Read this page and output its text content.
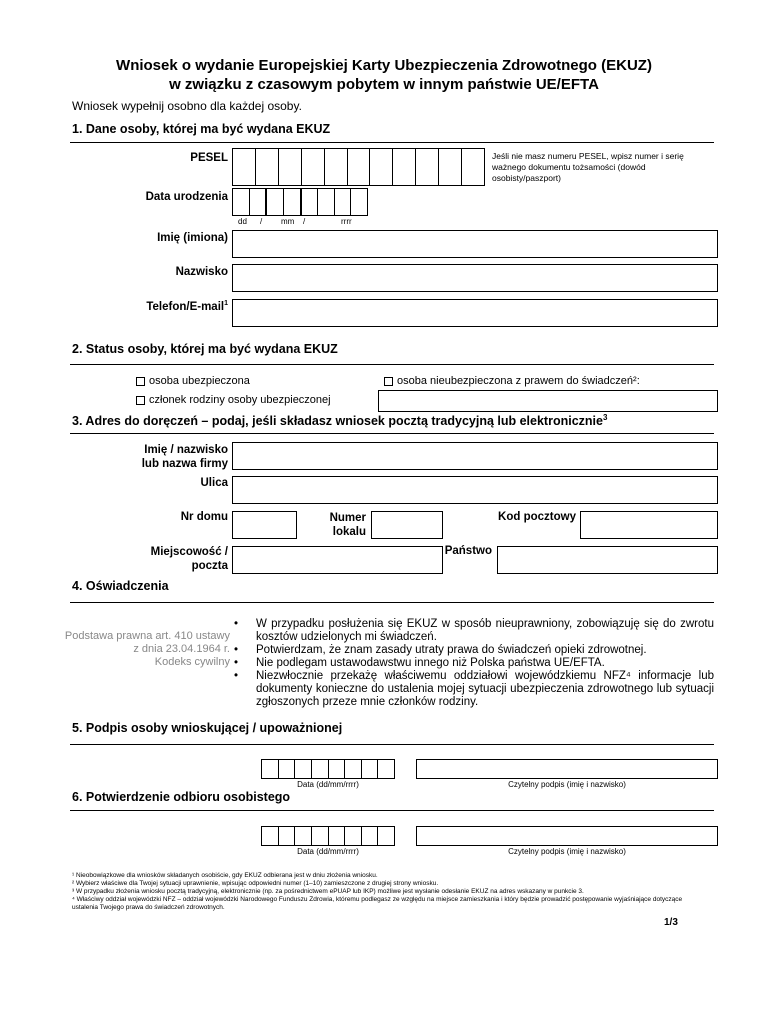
Wniosek o wydanie Europejskiej Karty Ubezpieczenia Zdrowotnego (EKUZ)
w związku z czasowym pobytem w innym państwie UE/EFTA
Wniosek wypełnij osobno dla każdej osoby.
1. Dane osoby, której ma być wydana EKUZ
PESEL	Jeśli nie masz numeru PESEL, wpisz numer i serię ważnego dokumentu tożsamości (dowód osobisty/paszport)
Data urodzenia
dd / mm /	rrrr
Imię (imiona)
Nazwisko
Telefon/E-mail$^1$
2. Status osoby, której ma być wydana EKUZ
osoba ubezpieczona	osoba nieubezpieczona z prawem do świadczeń²:
członek rodziny osoby ubezpieczonej
3. Adres do doręczeń – podaj, jeśli składasz wniosek pocztą tradycyjną lub elektronicznie$^3$
Imię / nazwisko
lub nazwa firmy
Ulica
Nr domu	Numer
lokalu
Kod pocztowy
Miejscowość /
poczta
Państwo
4. Oświadczenia
Podstawa prawna art. 410 ustawy
z dnia 23.04.1964 r.
Kodeks cywilny
• W przypadku posłużenia się EKUZ w sposób nieuprawniony, zobowiązuję się do zwrotu kosztów udzielonych mi świadczeń.
• Potwierdzam, że znam zasady utraty prawa do świadczeń opieki zdrowotnej.
• Nie podlegam ustawodawstwu innego niż Polska państwa UE/EFTA.
• Niezwłocznie przekażę właściwemu oddziałowi wojewódzkiemu NFZ⁴ informacje lub dokumenty konieczne do ustalenia mojej sytuacji ubezpieczenia zdrowotnego lub sytuacji zgłoszonych przeze mnie członków rodziny.
5. Podpis osoby wnioskującej / upoważnionej
Data (dd/mm/rrrr)	Czytelny podpis (imię i nazwisko)
6. Potwierdzenie odbioru osobistego
Data (dd/mm/rrrr)	Czytelny podpis (imię i nazwisko)
¹ Nieobowiązkowe dla wniosków składanych osobiście, gdy EKUZ odbierana jest w dniu złożenia wniosku.
² Wybierz właściwe dla Twojej sytuacji uprawnienie, wpisując odpowiedni numer (1–10) zamieszczone z drugiej strony wniosku.
³ W przypadku złożenia wniosku pocztą tradycyjną, elektronicznie (np. za pośrednictwem ePUAP lub IKP) możliwe jest wysłanie odesłanie EKUZ na adres wskazany w punkcie 3.
⁴ Właściwy oddział wojewódzki NFZ – oddział wojewódzki Narodowego Funduszu Zdrowia, któremu podlegasz ze względu na miejsce zamieszkania i który będzie prowadzić postępowanie wyjaśniające dotyczące ustalenia Twojego prawa do świadczeń zdrowotnych.
1/3
